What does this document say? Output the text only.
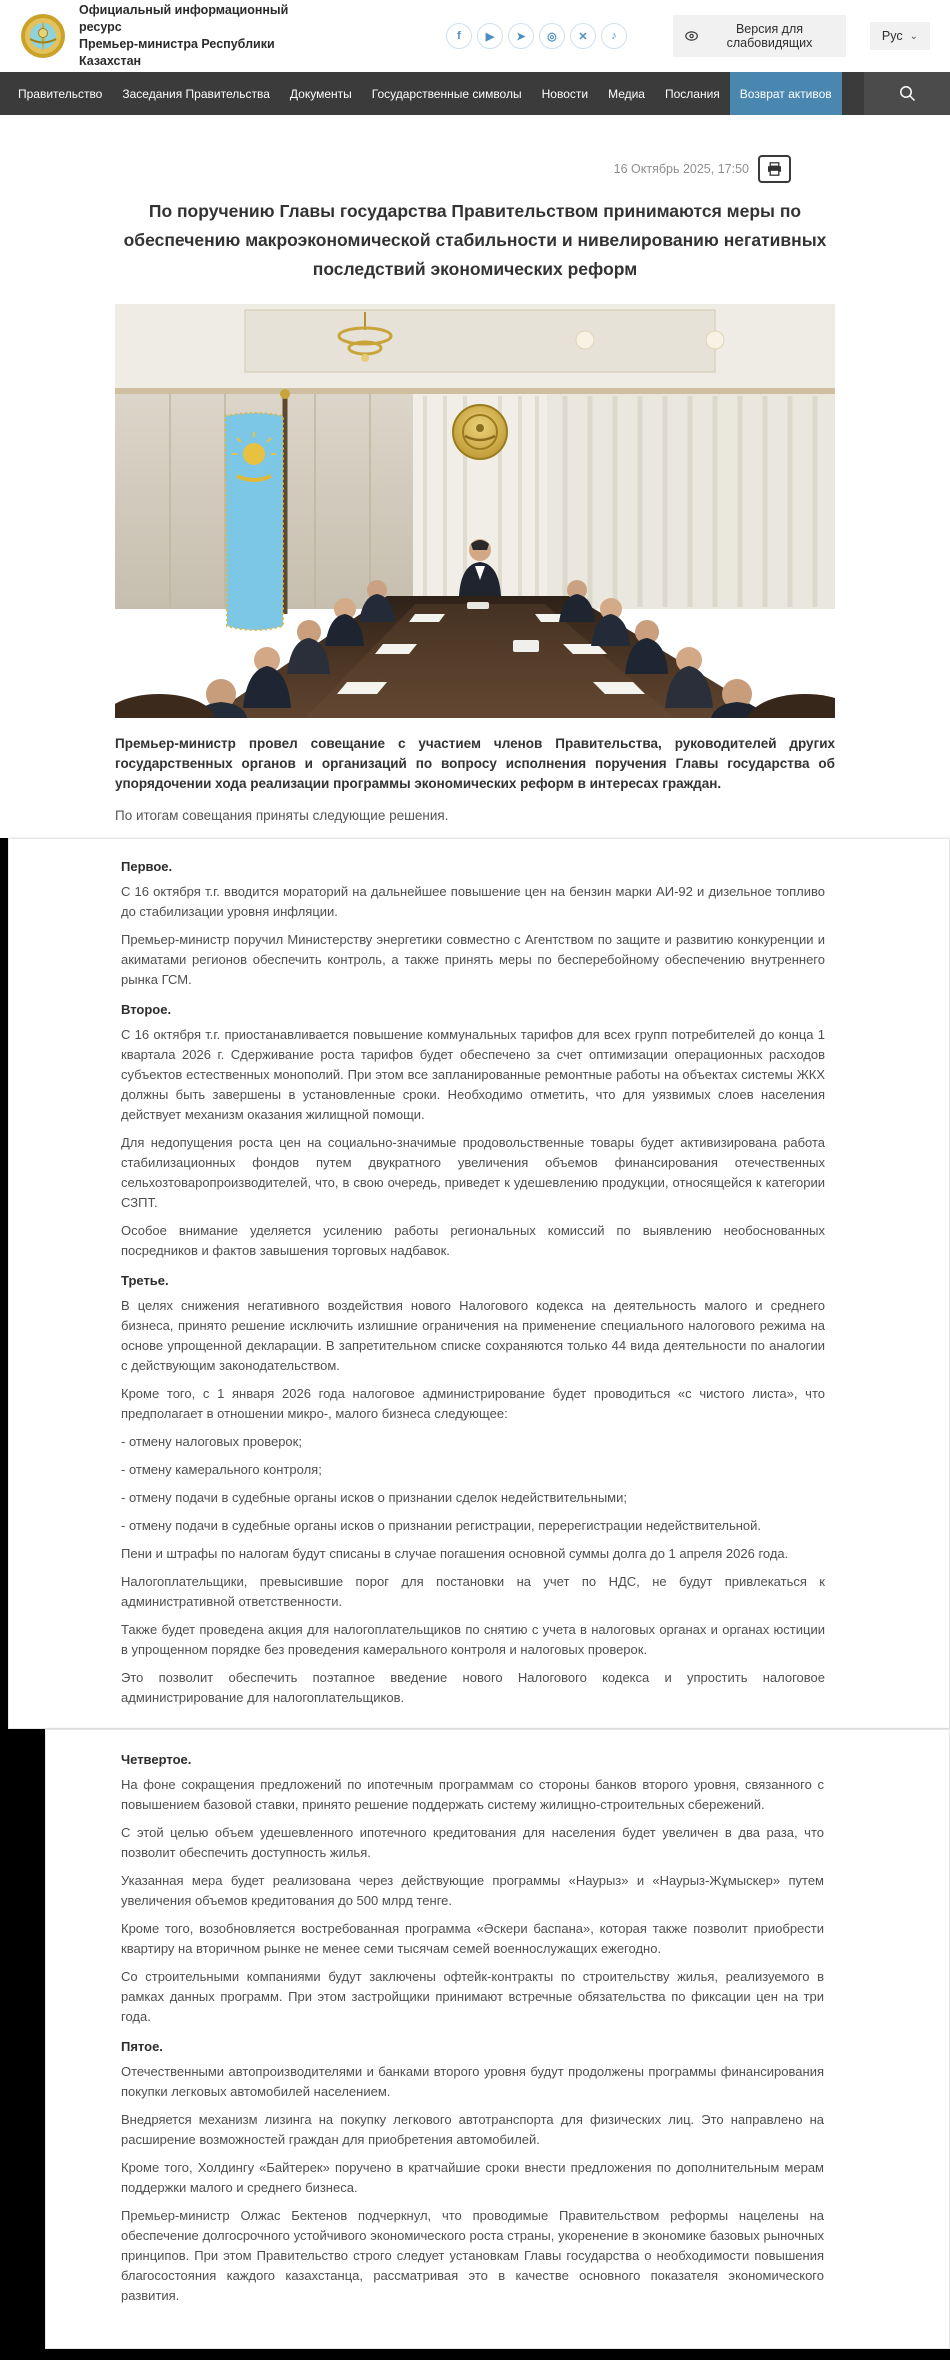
Официальный информационный ресурс
Премьер-министра Республики Казахстан
f	▶	➤	◎	✕	♪	Версия для слабовидящих	Рус ⌄
Правительство	Заседания Правительства	Документы	Государственные символы	Новости	Медиа	Послания	Возврат активов
16 Октябрь 2025, 17:50
По поручению Главы государства Правительством принимаются меры по обеспечению макроэкономической стабильности и нивелированию негативных последствий экономических реформ

Премьер-министр провел совещание с участием членов Правительства, руководителей других государственных органов и организаций по вопросу исполнения поручения Главы государства об упорядочении хода реализации программы экономических реформ в интересах граждан.

По итогам совещания приняты следующие решения.

Первое.

С 16 октября т.г. вводится мораторий на дальнейшее повышение цен на бензин марки АИ-92 и дизельное топливо до стабилизации уровня инфляции.

Премьер-министр поручил Министерству энергетики совместно с Агентством по защите и развитию конкуренции и акиматами регионов обеспечить контроль, а также принять меры по бесперебойному обеспечению внутреннего рынка ГСМ.

Второе.

С 16 октября т.г. приостанавливается повышение коммунальных тарифов для всех групп потребителей до конца 1 квартала 2026 г. Сдерживание роста тарифов будет обеспечено за счет оптимизации операционных расходов субъектов естественных монополий. При этом все запланированные ремонтные работы на объектах системы ЖКХ должны быть завершены в установленные сроки. Необходимо отметить, что для уязвимых слоев населения действует механизм оказания жилищной помощи.

Для недопущения роста цен на социально-значимые продовольственные товары будет активизирована работа стабилизационных фондов путем двукратного увеличения объемов финансирования отечественных сельхозтоваропроизводителей, что, в свою очередь, приведет к удешевлению продукции, относящейся к категории СЗПТ.

Особое внимание уделяется усилению работы региональных комиссий по выявлению необоснованных посредников и фактов завышения торговых надбавок.

Третье.

В целях снижения негативного воздействия нового Налогового кодекса на деятельность малого и среднего бизнеса, принято решение исключить излишние ограничения на применение специального налогового режима на основе упрощенной декларации. В запретительном списке сохраняются только 44 вида деятельности по аналогии с действующим законодательством.

Кроме того, с 1 января 2026 года налоговое администрирование будет проводиться «с чистого листа», что предполагает в отношении микро-, малого бизнеса следующее:

- отмену налоговых проверок;

- отмену камерального контроля;

- отмену подачи в судебные органы исков о признании сделок недействительными;

- отмену подачи в судебные органы исков о признании регистрации, перерегистрации недействительной.

Пени и штрафы по налогам будут списаны в случае погашения основной суммы долга до 1 апреля 2026 года.

Налогоплательщики, превысившие порог для постановки на учет по НДС, не будут привлекаться к административной ответственности.

Также будет проведена акция для налогоплательщиков по снятию с учета в налоговых органах и органах юстиции в упрощенном порядке без проведения камерального контроля и налоговых проверок.

Это позволит обеспечить поэтапное введение нового Налогового кодекса и упростить налоговое администрирование для налогоплательщиков.

Четвертое.

На фоне сокращения предложений по ипотечным программам со стороны банков второго уровня, связанного с повышением базовой ставки, принято решение поддержать систему жилищно-строительных сбережений.

С этой целью объем удешевленного ипотечного кредитования для населения будет увеличен в два раза, что позволит обеспечить доступность жилья.

Указанная мера будет реализована через действующие программы «Наурыз» и «Наурыз-Жұмыскер» путем увеличения объемов кредитования до 500 млрд тенге.

Кроме того, возобновляется востребованная программа «Әскери баспана», которая также позволит приобрести квартиру на вторичном рынке не менее семи тысячам семей военнослужащих ежегодно.

Со строительными компаниями будут заключены офтейк-контракты по строительству жилья, реализуемого в рамках данных программ. При этом застройщики принимают встречные обязательства по фиксации цен на три года.

Пятое.

Отечественными автопроизводителями и банками второго уровня будут продолжены программы финансирования покупки легковых автомобилей населением.

Внедряется механизм лизинга на покупку легкового автотранспорта для физических лиц. Это направлено на расширение возможностей граждан для приобретения автомобилей.

Кроме того, Холдингу «Байтерек» поручено в кратчайшие сроки внести предложения по дополнительным мерам поддержки малого и среднего бизнеса.

Премьер-министр Олжас Бектенов подчеркнул, что проводимые Правительством реформы нацелены на обеспечение долгосрочного устойчивого экономического роста страны, укоренение в экономике базовых рыночных принципов. При этом Правительство строго следует установкам Главы государства о необходимости повышения благосостояния каждого казахстанца, рассматривая это в качестве основного показателя экономического развития.
